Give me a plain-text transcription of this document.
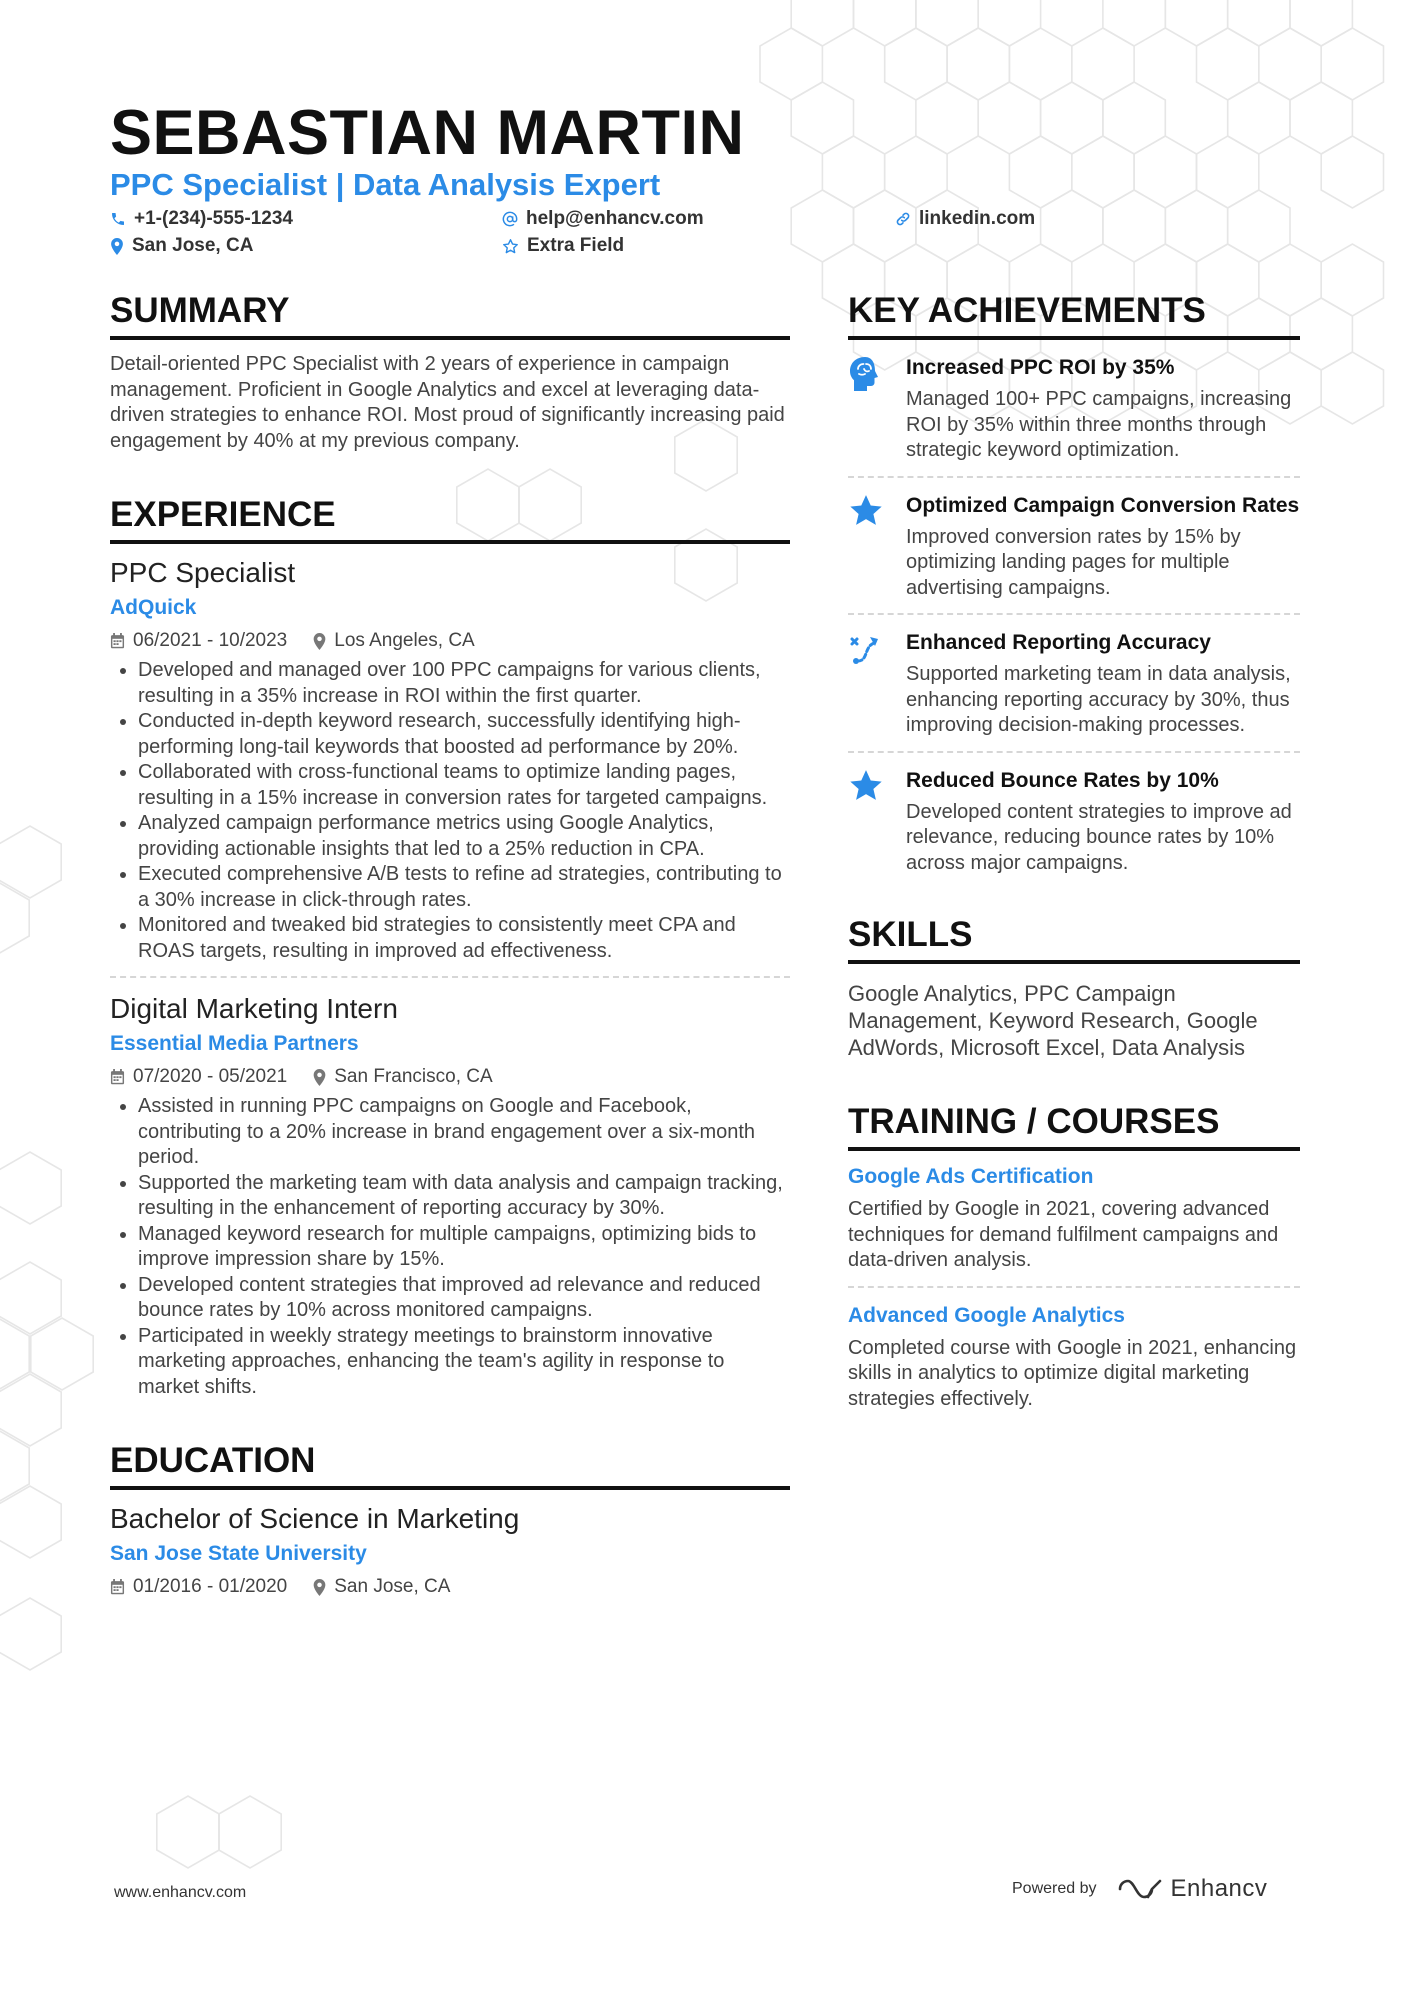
SEBASTIAN MARTIN
PPC Specialist | Data Analysis Expert
+1-(234)-555-1234	help@enhancv.com	linkedin.com
San Jose, CA	Extra Field
SUMMARY
Detail-oriented PPC Specialist with 2 years of experience in campaign management. Proficient in Google Analytics and excel at leveraging data-driven strategies to enhance ROI. Most proud of significantly increasing paid engagement by 40% at my previous company.
EXPERIENCE
PPC Specialist
AdQuick
06/2021 - 10/2023 Los Angeles, CA
• Developed and managed over 100 PPC campaigns for various clients, resulting in a 35% increase in ROI within the first quarter.
• Conducted in-depth keyword research, successfully identifying high-performing long-tail keywords that boosted ad performance by 20%.
• Collaborated with cross-functional teams to optimize landing pages, resulting in a 15% increase in conversion rates for targeted campaigns.
• Analyzed campaign performance metrics using Google Analytics, providing actionable insights that led to a 25% reduction in CPA.
• Executed comprehensive A/B tests to refine ad strategies, contributing to a 30% increase in click-through rates.
• Monitored and tweaked bid strategies to consistently meet CPA and ROAS targets, resulting in improved ad effectiveness.
Digital Marketing Intern
Essential Media Partners
07/2020 - 05/2021 San Francisco, CA
• Assisted in running PPC campaigns on Google and Facebook, contributing to a 20% increase in brand engagement over a six-month period.
• Supported the marketing team with data analysis and campaign tracking, resulting in the enhancement of reporting accuracy by 30%.
• Managed keyword research for multiple campaigns, optimizing bids to improve impression share by 15%.
• Developed content strategies that improved ad relevance and reduced bounce rates by 10% across monitored campaigns.
• Participated in weekly strategy meetings to brainstorm innovative marketing approaches, enhancing the team's agility in response to market shifts.
EDUCATION
Bachelor of Science in Marketing
San Jose State University
01/2016 - 01/2020 San Jose, CA
KEY ACHIEVEMENTS
Increased PPC ROI by 35%
Managed 100+ PPC campaigns, increasing ROI by 35% within three months through strategic keyword optimization.
Optimized Campaign Conversion Rates
Improved conversion rates by 15% by optimizing landing pages for multiple advertising campaigns.
Enhanced Reporting Accuracy
Supported marketing team in data analysis, enhancing reporting accuracy by 30%, thus improving decision-making processes.
Reduced Bounce Rates by 10%
Developed content strategies to improve ad relevance, reducing bounce rates by 10% across major campaigns.
SKILLS
Google Analytics, PPC Campaign Management, Keyword Research, Google AdWords, Microsoft Excel, Data Analysis
TRAINING / COURSES
Google Ads Certification
Certified by Google in 2021, covering advanced techniques for demand fulfilment campaigns and data-driven analysis.
Advanced Google Analytics
Completed course with Google in 2021, enhancing skills in analytics to optimize digital marketing strategies effectively.
www.enhancv.com	Powered by	Enhancv
